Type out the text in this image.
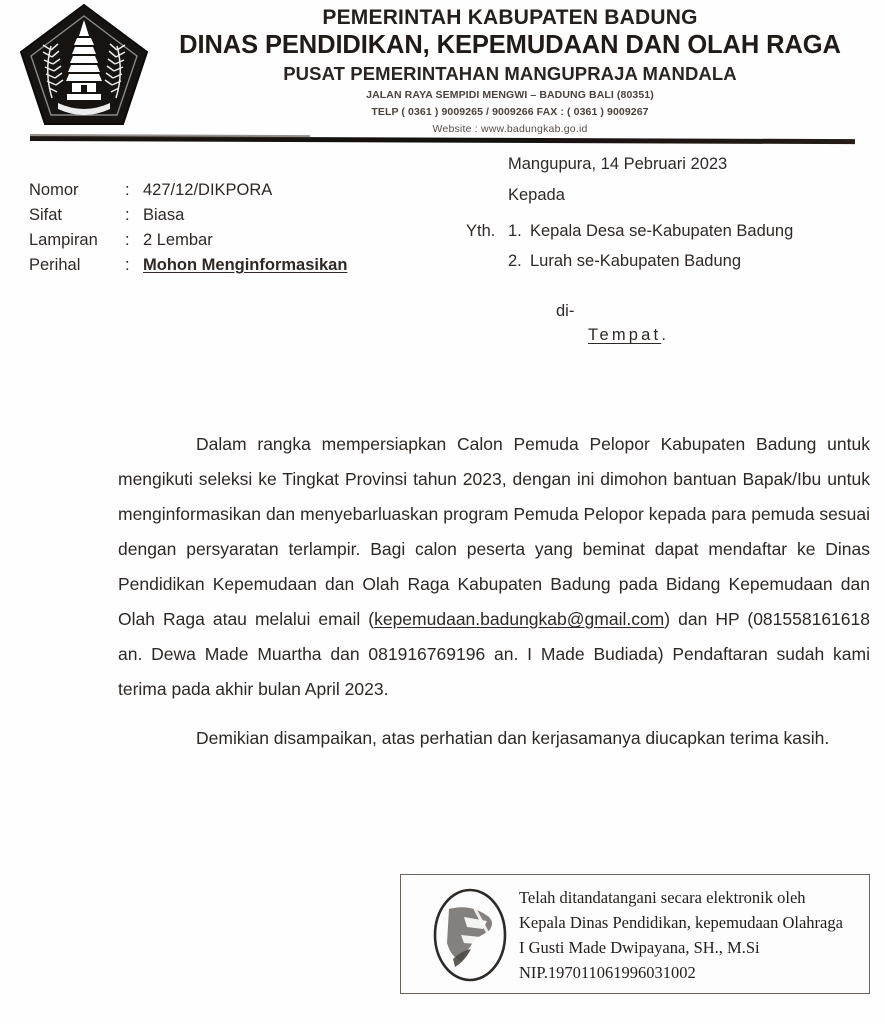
PEMERINTAH KABUPATEN BADUNG
DINAS PENDIDIKAN, KEPEMUDAAN DAN OLAH RAGA
PUSAT PEMERINTAHAN MANGUPRAJA MANDALA
JALAN RAYA SEMPIDI MENGWI – BADUNG BALI (80351)
TELP ( 0361 ) 9009265 / 9009266 FAX : ( 0361 ) 9009267
Website : www.badungkab.go.id
Nomor	: 427/12/DIKPORA
Sifat	: Biasa
Lampiran	: 2 Lembar
Perihal	: Mohon Menginformasikan
Mangupura, 14 Pebruari 2023
Kepada
Yth. 1. Kepala Desa se-Kabupaten Badung
2. Lurah se-Kabupaten Badung
di-
Tempat.

Dalam rangka mempersiapkan Calon Pemuda Pelopor Kabupaten Badung untuk mengikuti seleksi ke Tingkat Provinsi tahun 2023, dengan ini dimohon bantuan Bapak/Ibu untuk menginformasikan dan menyebarluaskan program Pemuda Pelopor kepada para pemuda sesuai dengan persyaratan terlampir. Bagi calon peserta yang beminat dapat mendaftar ke Dinas Pendidikan Kepemudaan dan Olah Raga Kabupaten Badung pada Bidang Kepemudaan dan Olah Raga atau melalui email (kepemudaan.badungkab@gmail.com) dan HP (081558161618 an. Dewa Made Muartha dan 081916769196 an. I Made Budiada) Pendaftaran sudah kami terima pada akhir bulan April 2023.

Demikian disampaikan, atas perhatian dan kerjasamanya diucapkan terima kasih.

Telah ditandatangani secara elektronik oleh
Kepala Dinas Pendidikan, kepemudaan Olahraga
I Gusti Made Dwipayana, SH., M.Si
NIP.197011061996031002
